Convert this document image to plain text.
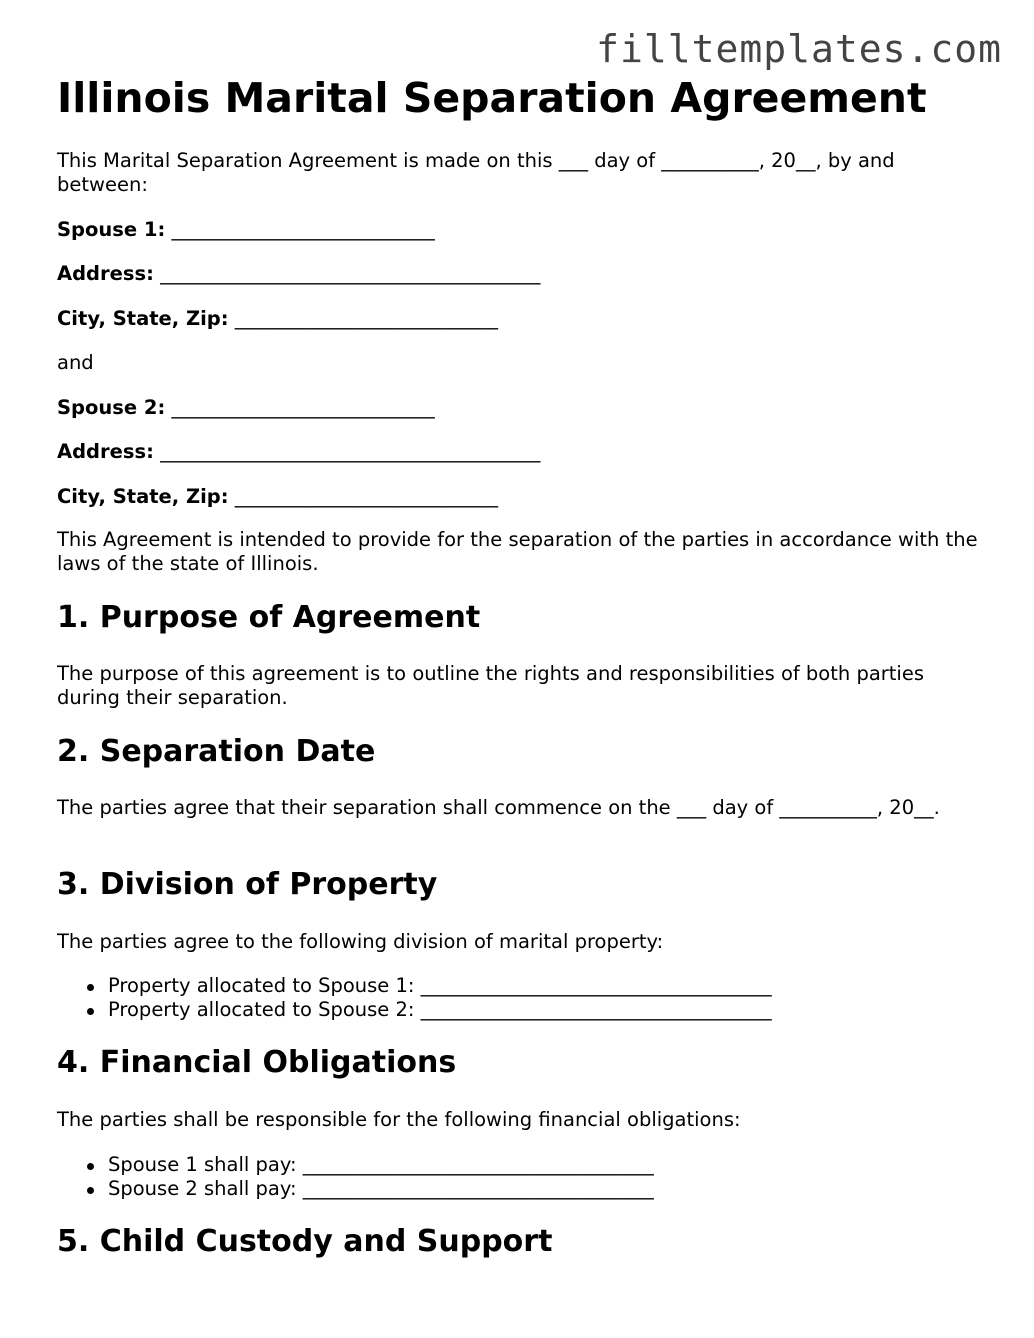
filltemplates.com
Illinois Marital Separation Agreement

This Marital Separation Agreement is made on this ___ day of __________, 20__, by and between:

Spouse 1: ___________________________
Address: _______________________________________
City, State, Zip: ___________________________

and

Spouse 2: ___________________________
Address: _______________________________________
City, State, Zip: ___________________________

This Agreement is intended to provide for the separation of the parties in accordance with the laws of the state of Illinois.

1. Purpose of Agreement

The purpose of this agreement is to outline the rights and responsibilities of both parties during their separation.

2. Separation Date

The parties agree that their separation shall commence on the ___ day of __________, 20__.

3. Division of Property

The parties agree to the following division of marital property:

Property allocated to Spouse 1: ____________________________________
Property allocated to Spouse 2: ____________________________________
4. Financial Obligations

The parties shall be responsible for the following financial obligations:

Spouse 1 shall pay: ____________________________________
Spouse 2 shall pay: ____________________________________
5. Child Custody and Support
